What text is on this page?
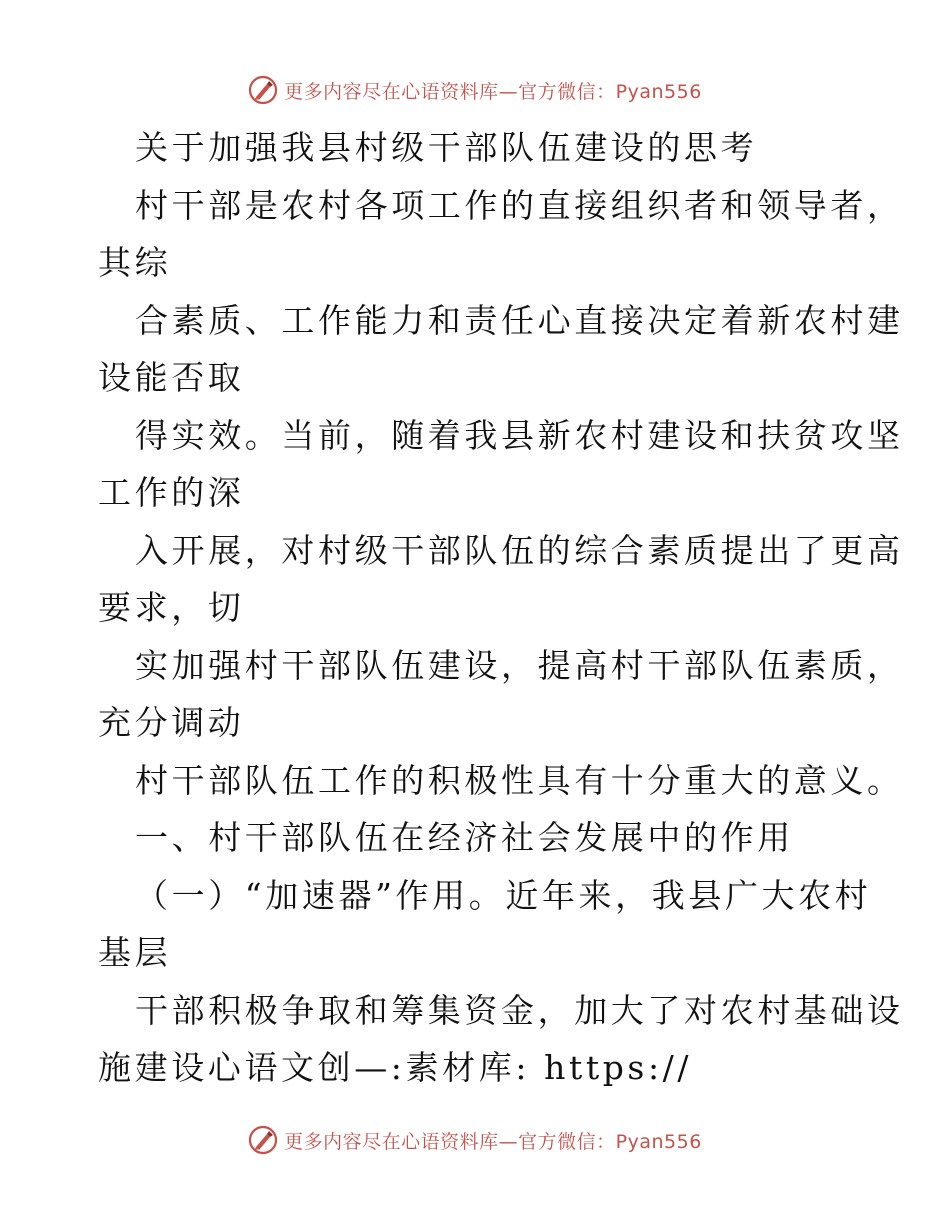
更多内容尽在心语资料库—官方微信：Pyan556
关于加强我县村级干部队伍建设的思考
村干部是农村各项工作的直接组织者和领导者，
其综
合素质、工作能力和责任心直接决定着新农村建
设能否取
得实效。当前，随着我县新农村建设和扶贫攻坚
工作的深
入开展，对村级干部队伍的综合素质提出了更高
要求，切
实加强村干部队伍建设，提高村干部队伍素质，
充分调动
村干部队伍工作的积极性具有十分重大的意义。
一、村干部队伍在经济社会发展中的作用
（一）“加速器”作用。近年来，我县广大农村
基层
干部积极争取和筹集资金，加大了对农村基础设
施建设心语文创—:素材库: https://
更多内容尽在心语资料库—官方微信：Pyan556
